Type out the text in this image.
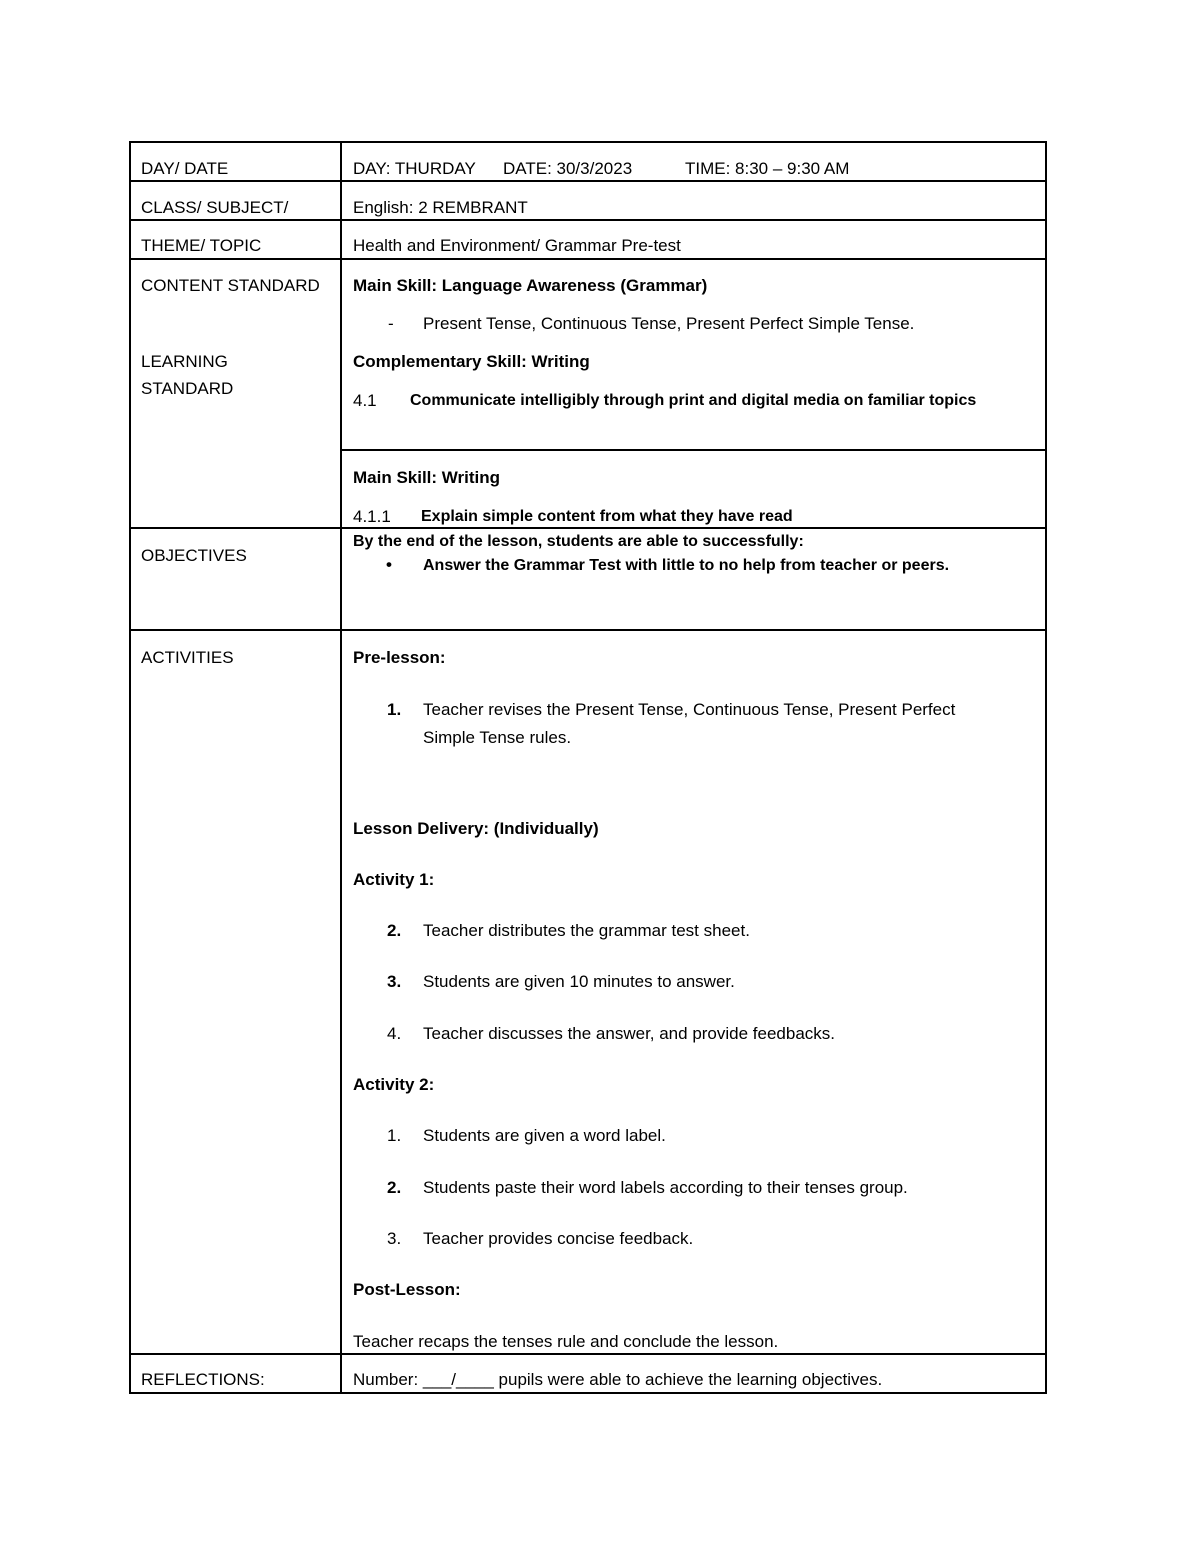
DAY/ DATE
CLASS/ SUBJECT/
THEME/ TOPIC
CONTENT STANDARD
LEARNING
STANDARD
OBJECTIVES
ACTIVITIES
REFLECTIONS:
DAY: THURDAY DATE: 30/3/2023	TIME: 8:30 – 9:30 AM
English: 2 REMBRANT
Health and Environment/ Grammar Pre-test
Main Skill: Language Awareness (Grammar)
- Present Tense, Continuous Tense, Present Perfect Simple Tense.
Complementary Skill: Writing
4.1 Communicate intelligibly through print and digital media on familiar topics
Main Skill: Writing
4.1.1 Explain simple content from what they have read
By the end of the lesson, students are able to successfully:
• Answer the Grammar Test with little to no help from teacher or peers.
Pre-lesson:
1. Teacher revises the Present Tense, Continuous Tense, Present Perfect
Simple Tense rules.
Lesson Delivery: (Individually)
Activity 1:
2. Teacher distributes the grammar test sheet.
3. Students are given 10 minutes to answer.
4. Teacher discusses the answer, and provide feedbacks.
Activity 2:
1. Students are given a word label.
2. Students paste their word labels according to their tenses group.
3. Teacher provides concise feedback.
Post-Lesson:
Teacher recaps the tenses rule and conclude the lesson.
Number: ___/____ pupils were able to achieve the learning objectives.
